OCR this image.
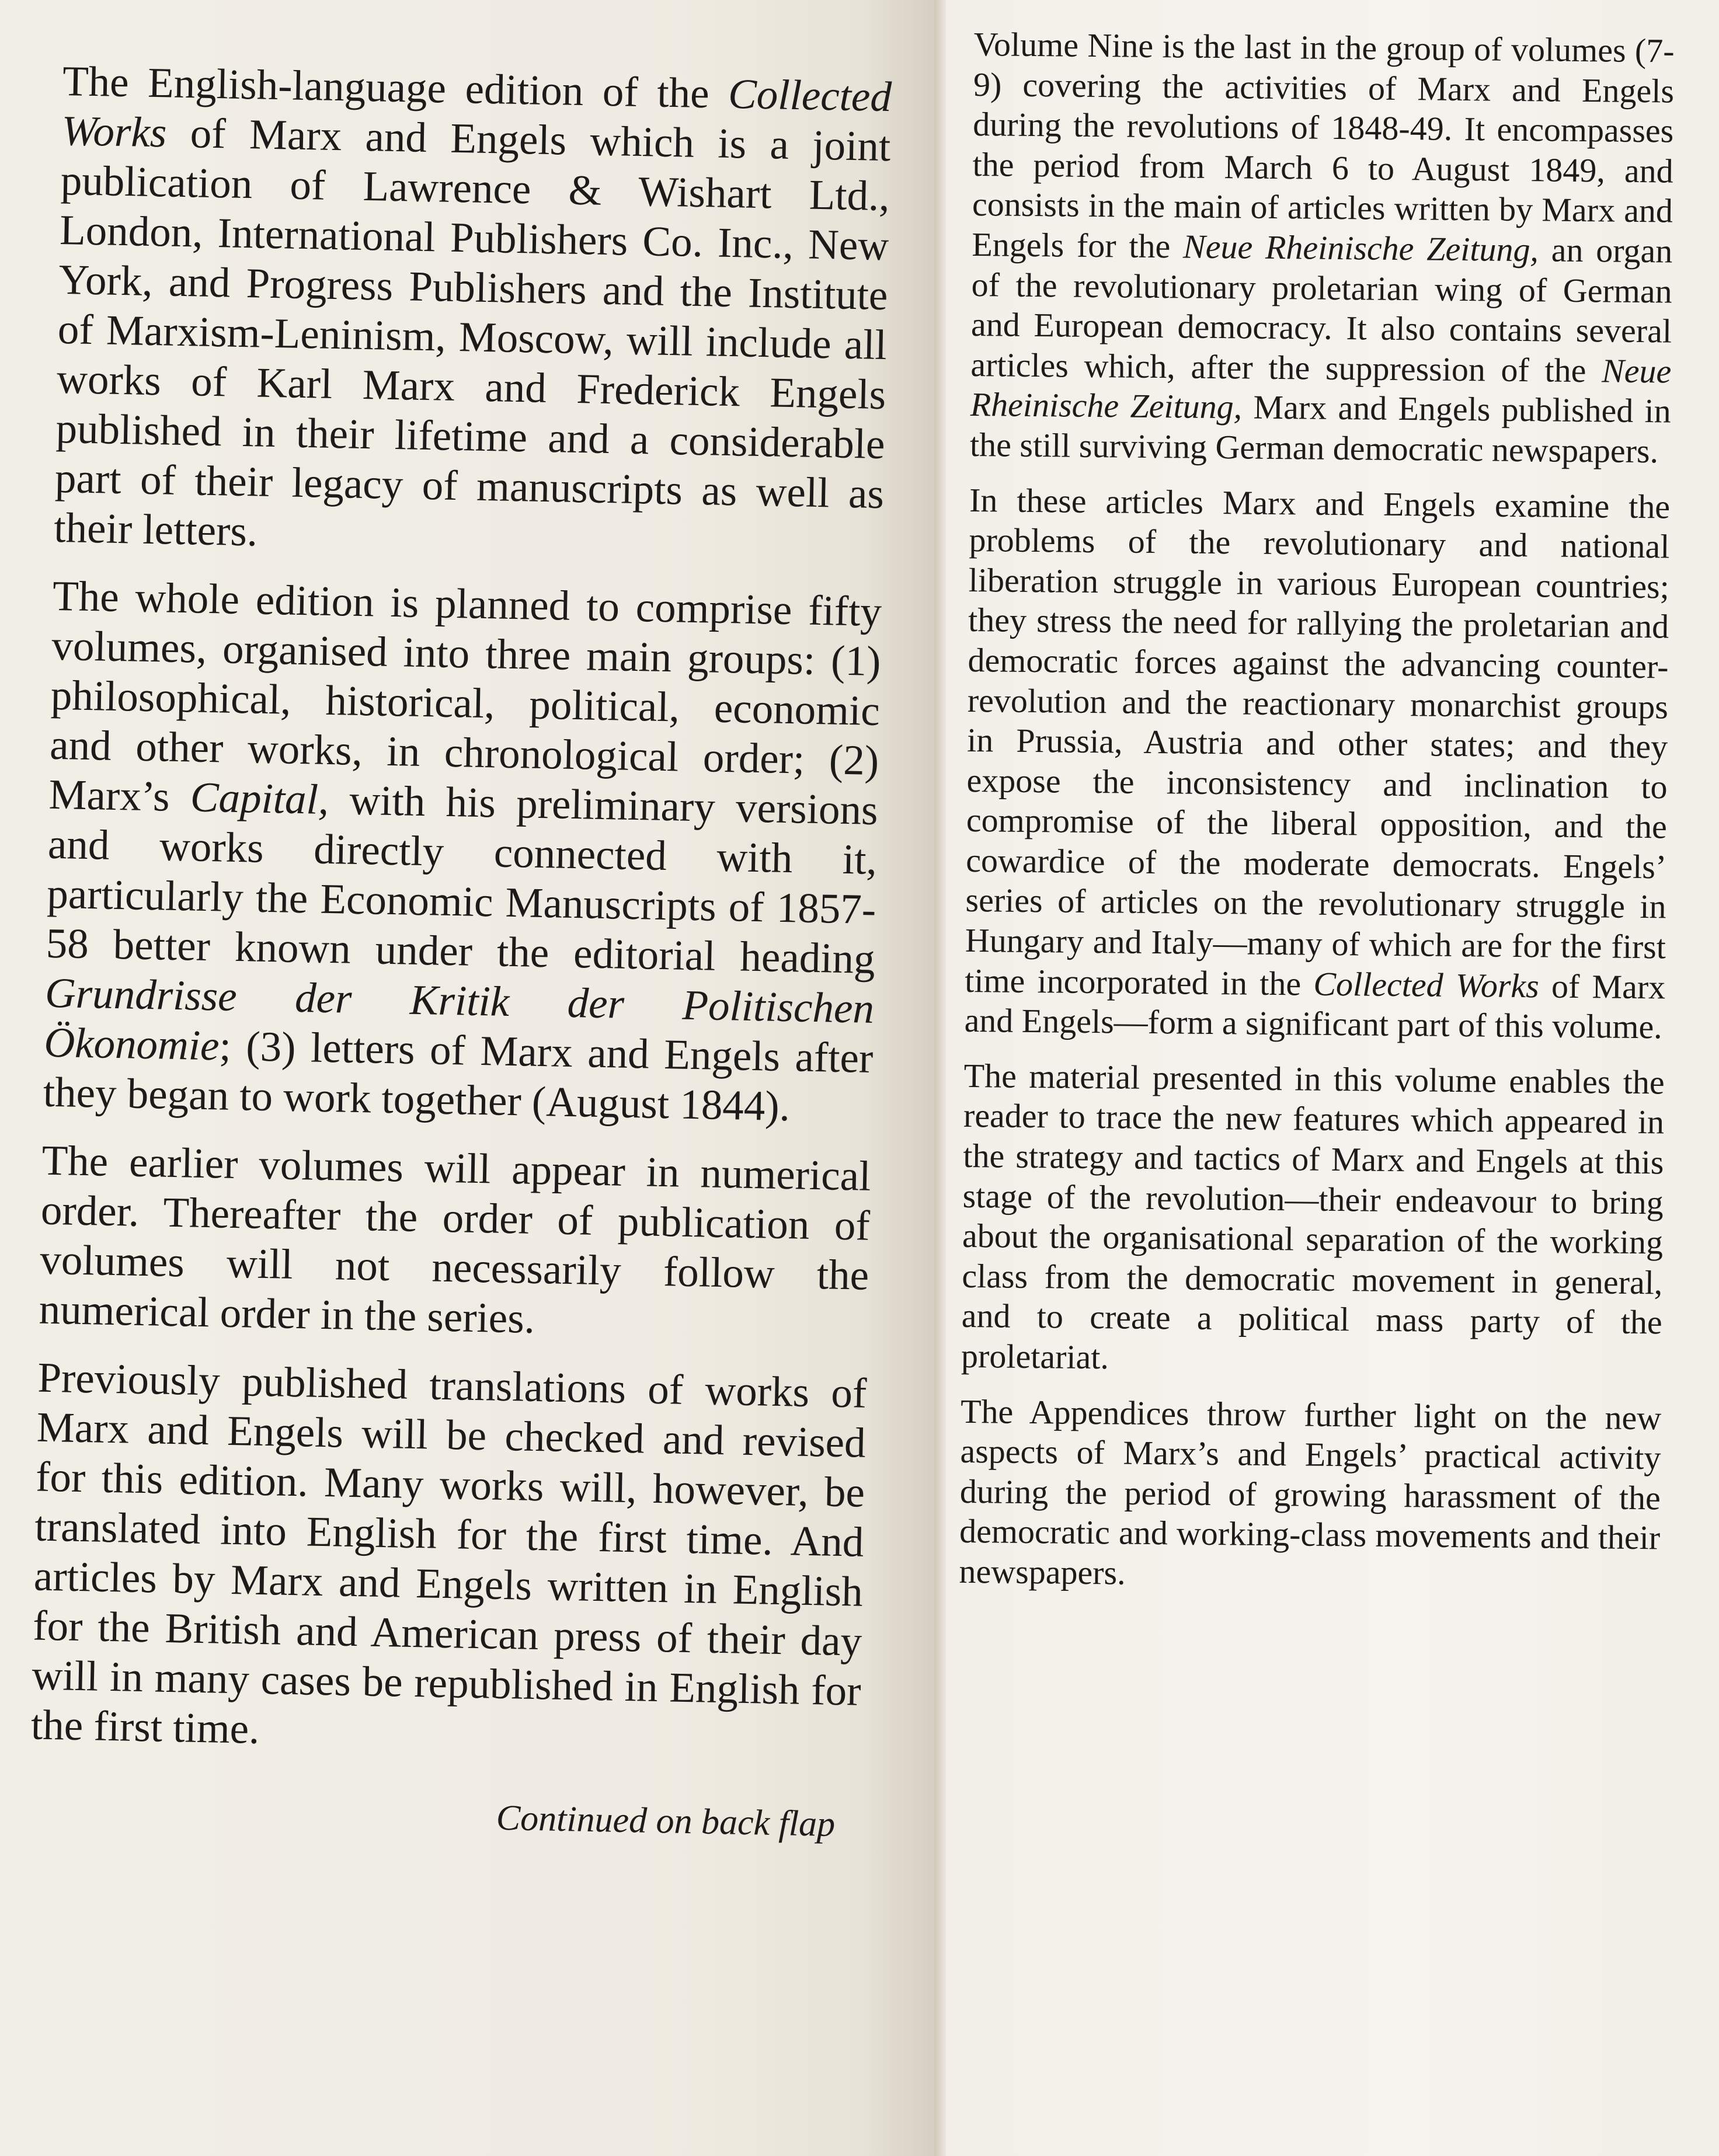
The English-language edition of the Collected Works of Marx and Engels which is a joint publication of Lawrence & Wishart Ltd., London, International Publishers Co. Inc., New York, and Progress Publishers and the Institute of Marxism-Leninism, Moscow, will include all works of Karl Marx and Frederick Engels published in their lifetime and a considerable part of their legacy of manuscripts as well as their letters.

The whole edition is planned to comprise fifty volumes, organised into three main groups: (1) philosophical, historical, political, economic and other works, in chronological order; (2) Marx’s Capital, with his preliminary versions and works directly connected with it, particularly the Economic Manuscripts of 1857-58 better known under the editorial heading Grundrisse der Kritik der Politischen Ökonomie; (3) letters of Marx and Engels after they began to work together (August 1844).

The earlier volumes will appear in numerical order. Thereafter the order of publication of volumes will not necessarily follow the numerical order in the series.

Previously published translations of works of Marx and Engels will be checked and revised for this edition. Many works will, however, be translated into English for the first time. And articles by Marx and Engels written in English for the British and American press of their day will in many cases be republished in English for the first time.

Continued on back flap

Volume Nine is the last in the group of volumes (7-9) covering the activities of Marx and Engels during the revolutions of 1848-49. It encompasses the period from March 6 to August 1849, and consists in the main of articles written by Marx and Engels for the Neue Rheinische Zeitung, an organ of the revolutionary proletarian wing of German and European democracy. It also contains several articles which, after the suppression of the Neue Rheinische Zeitung, Marx and Engels published in the still surviving German democratic newspapers.

In these articles Marx and Engels examine the problems of the revolutionary and national liberation struggle in various European countries; they stress the need for rallying the proletarian and democratic forces against the advancing counter-revolution and the reactionary monarchist groups in Prussia, Austria and other states; and they expose the inconsistency and inclination to compromise of the liberal opposition, and the cowardice of the moderate democrats. Engels’ series of articles on the revolutionary struggle in Hungary and Italy—many of which are for the first time incorporated in the Collected Works of Marx and Engels—form a significant part of this volume.

The material presented in this volume enables the reader to trace the new features which appeared in the strategy and tactics of Marx and Engels at this stage of the revolution—their endeavour to bring about the organisational separation of the working class from the democratic movement in general, and to create a political mass party of the proletariat.

The Appendices throw further light on the new aspects of Marx’s and Engels’ practical activity during the period of growing harassment of the democratic and working-class movements and their newspapers.
